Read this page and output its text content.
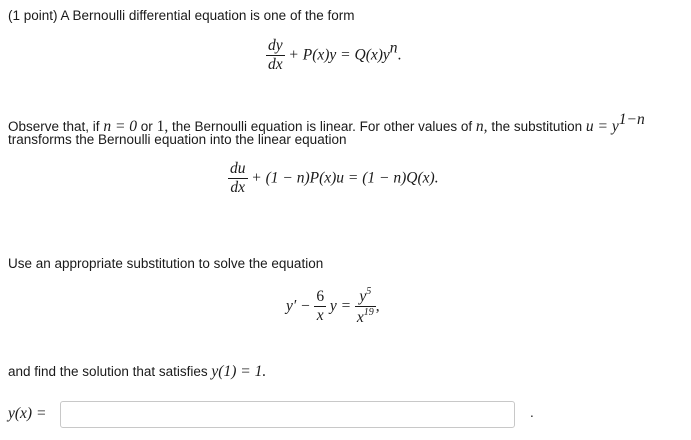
(1 point) A Bernoulli differential equation is one of the form
$\frac{dy}{dx} + P(x)y = Q(x)y^n$.
Observe that, if n = 0 or 1, the Bernoulli equation is linear. For other values of n, the substitution $u = y^{1-n}$
transforms the Bernoulli equation into the linear equation
$\frac{du}{dx} + (1 - n)P(x)u = (1 - n)Q(x)$.
Use an appropriate substitution to solve the equation
$y' - \frac{6}{x}$ $y = \frac{y^5}{x^{19}}$ ,
and find the solution that satisfies y(1) = 1.
y(x) =	.
